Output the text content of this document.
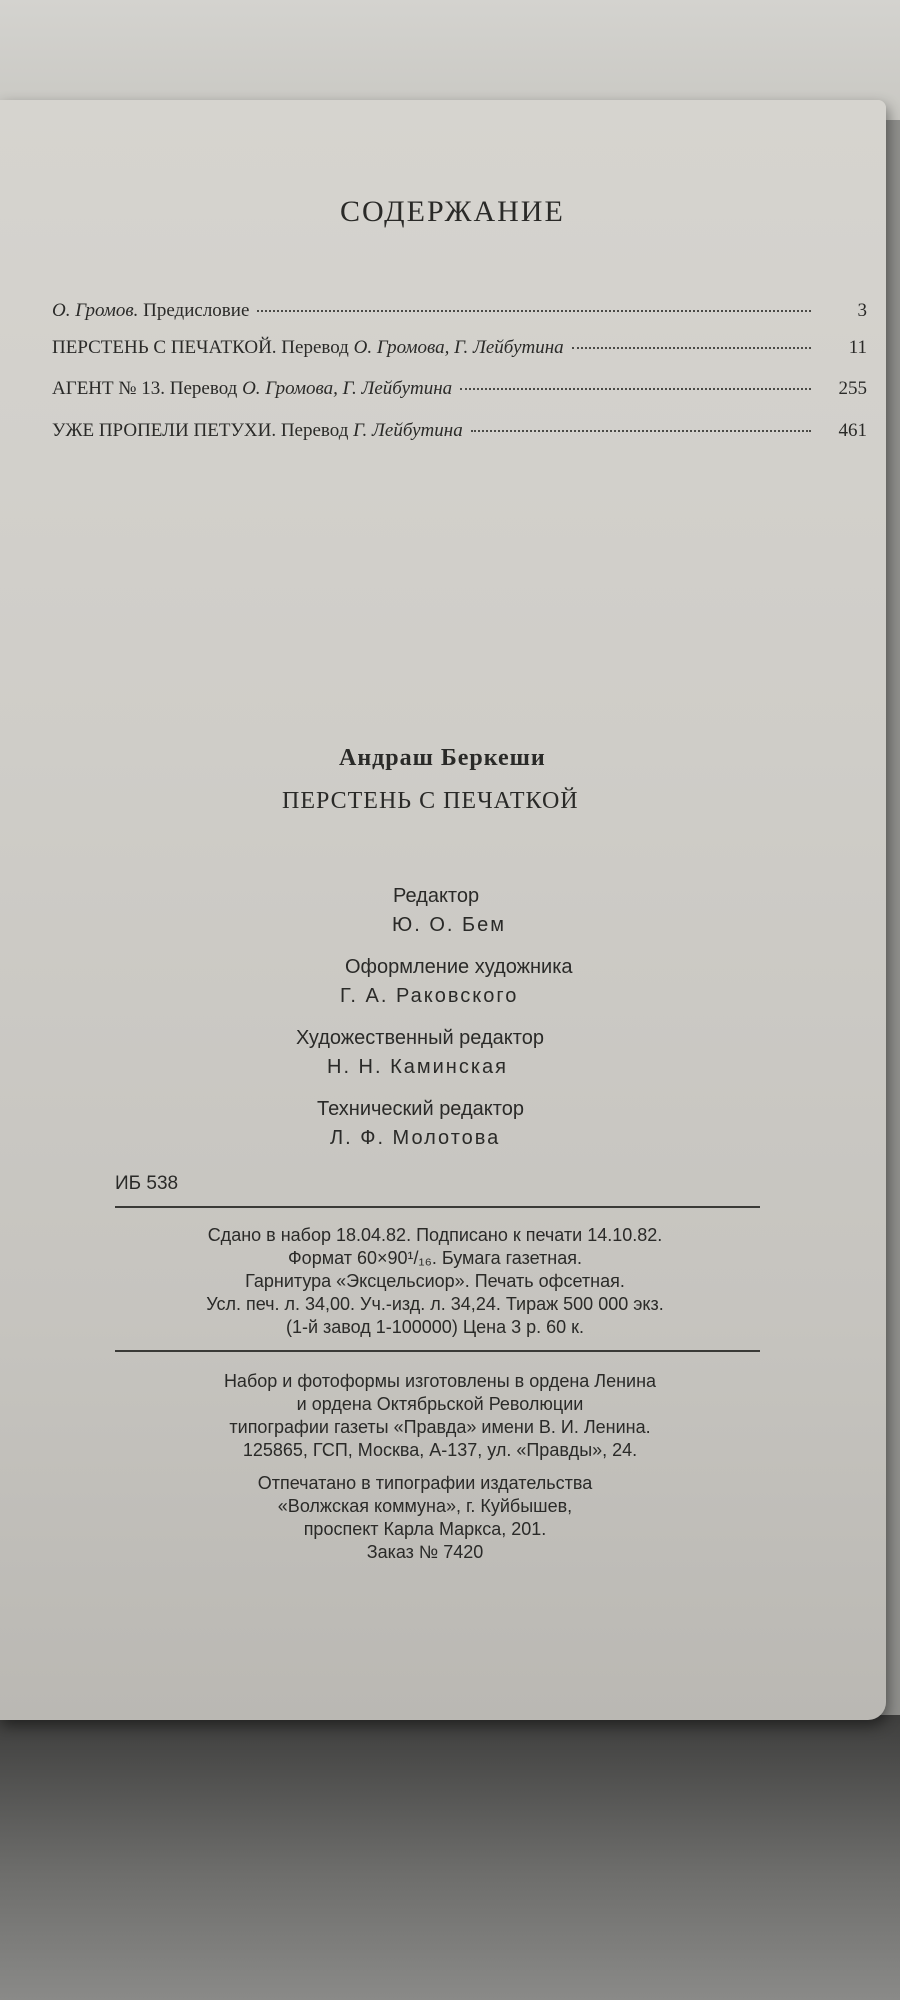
СОДЕРЖАНИЕ
О. Громов.
Предисловие	3
ПЕРСТЕНЬ С ПЕЧАТКОЙ. Перевод
О. Громова, Г. Лейбутина	11
АГЕНТ № 13. Перевод
О. Громова, Г. Лейбутина	255
УЖЕ ПРОПЕЛИ ПЕТУХИ. Перевод
Г. Лейбутина	461
Андраш Беркеши
ПЕРСТЕНЬ С ПЕЧАТКОЙ
Редактор
Ю. О. Бем
Оформление художника
Г. А. Раковского
Художественный редактор
Н. Н. Каминская
Технический редактор
Л. Ф. Молотова
ИБ 538
Сдано в набор 18.04.82. Подписано к печати 14.10.82.
Формат 60×90¹/₁₆. Бумага газетная.
Гарнитура «Эксцельсиор». Печать офсетная.
Усл. печ. л. 34,00. Уч.-изд. л. 34,24. Тираж 500 000 экз.
(1-й завод 1-100000) Цена 3 р. 60 к.
Набор и фотоформы изготовлены в ордена Ленина
и ордена Октябрьской Революции
типографии газеты «Правда» имени В. И. Ленина.
125865, ГСП, Москва, А-137, ул. «Правды», 24.
Отпечатано в типографии издательства
«Волжская коммуна», г. Куйбышев,
проспект Карла Маркса, 201.
Заказ № 7420
